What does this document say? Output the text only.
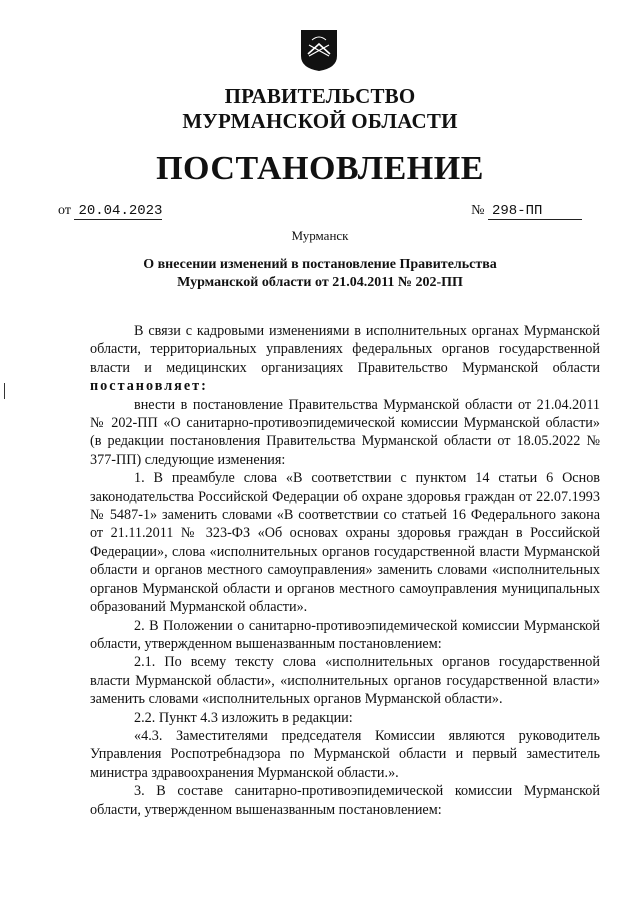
ПРАВИТЕЛЬСТВО
МУРМАНСКОЙ ОБЛАСТИ
ПОСТАНОВЛЕНИЕ
от 20.04.2023	№ 298-ПП
Мурманск
О внесении изменений в постановление Правительства
Мурманской области от 21.04.2011 № 202-ПП

В связи с кадровыми изменениями в исполнительных органах Мурманской области, территориальных управлениях федеральных органов государственной власти и медицинских организациях Правительство Мурманской области постановляет:

внести в постановление Правительства Мурманской области от 21.04.2011 № 202-ПП «О санитарно-противоэпидемической комиссии Мурманской области» (в редакции постановления Правительства Мурманской области от 18.05.2022 № 377-ПП) следующие изменения:

1. В преамбуле слова «В соответствии с пунктом 14 статьи 6 Основ законодательства Российской Федерации об охране здоровья граждан от 22.07.1993 № 5487-1» заменить словами «В соответствии со статьей 16 Федерального закона от 21.11.2011 № 323-ФЗ «Об основах охраны здоровья граждан в Российской Федерации», слова «исполнительных органов государственной власти Мурманской области и органов местного самоуправления» заменить словами «исполнительных органов Мурманской области и органов местного самоуправления муниципальных образований Мурманской области».

2. В Положении о санитарно-противоэпидемической комиссии Мурманской области, утвержденном вышеназванным постановлением:

2.1. По всему тексту слова «исполнительных органов государственной власти Мурманской области», «исполнительных органов государственной власти» заменить словами «исполнительных органов Мурманской области».

2.2. Пункт 4.3 изложить в редакции:

«4.3. Заместителями председателя Комиссии являются руководитель Управления Роспотребнадзора по Мурманской области и первый заместитель министра здравоохранения Мурманской области.».

3. В составе санитарно-противоэпидемической комиссии Мурманской области, утвержденном вышеназванным постановлением:
